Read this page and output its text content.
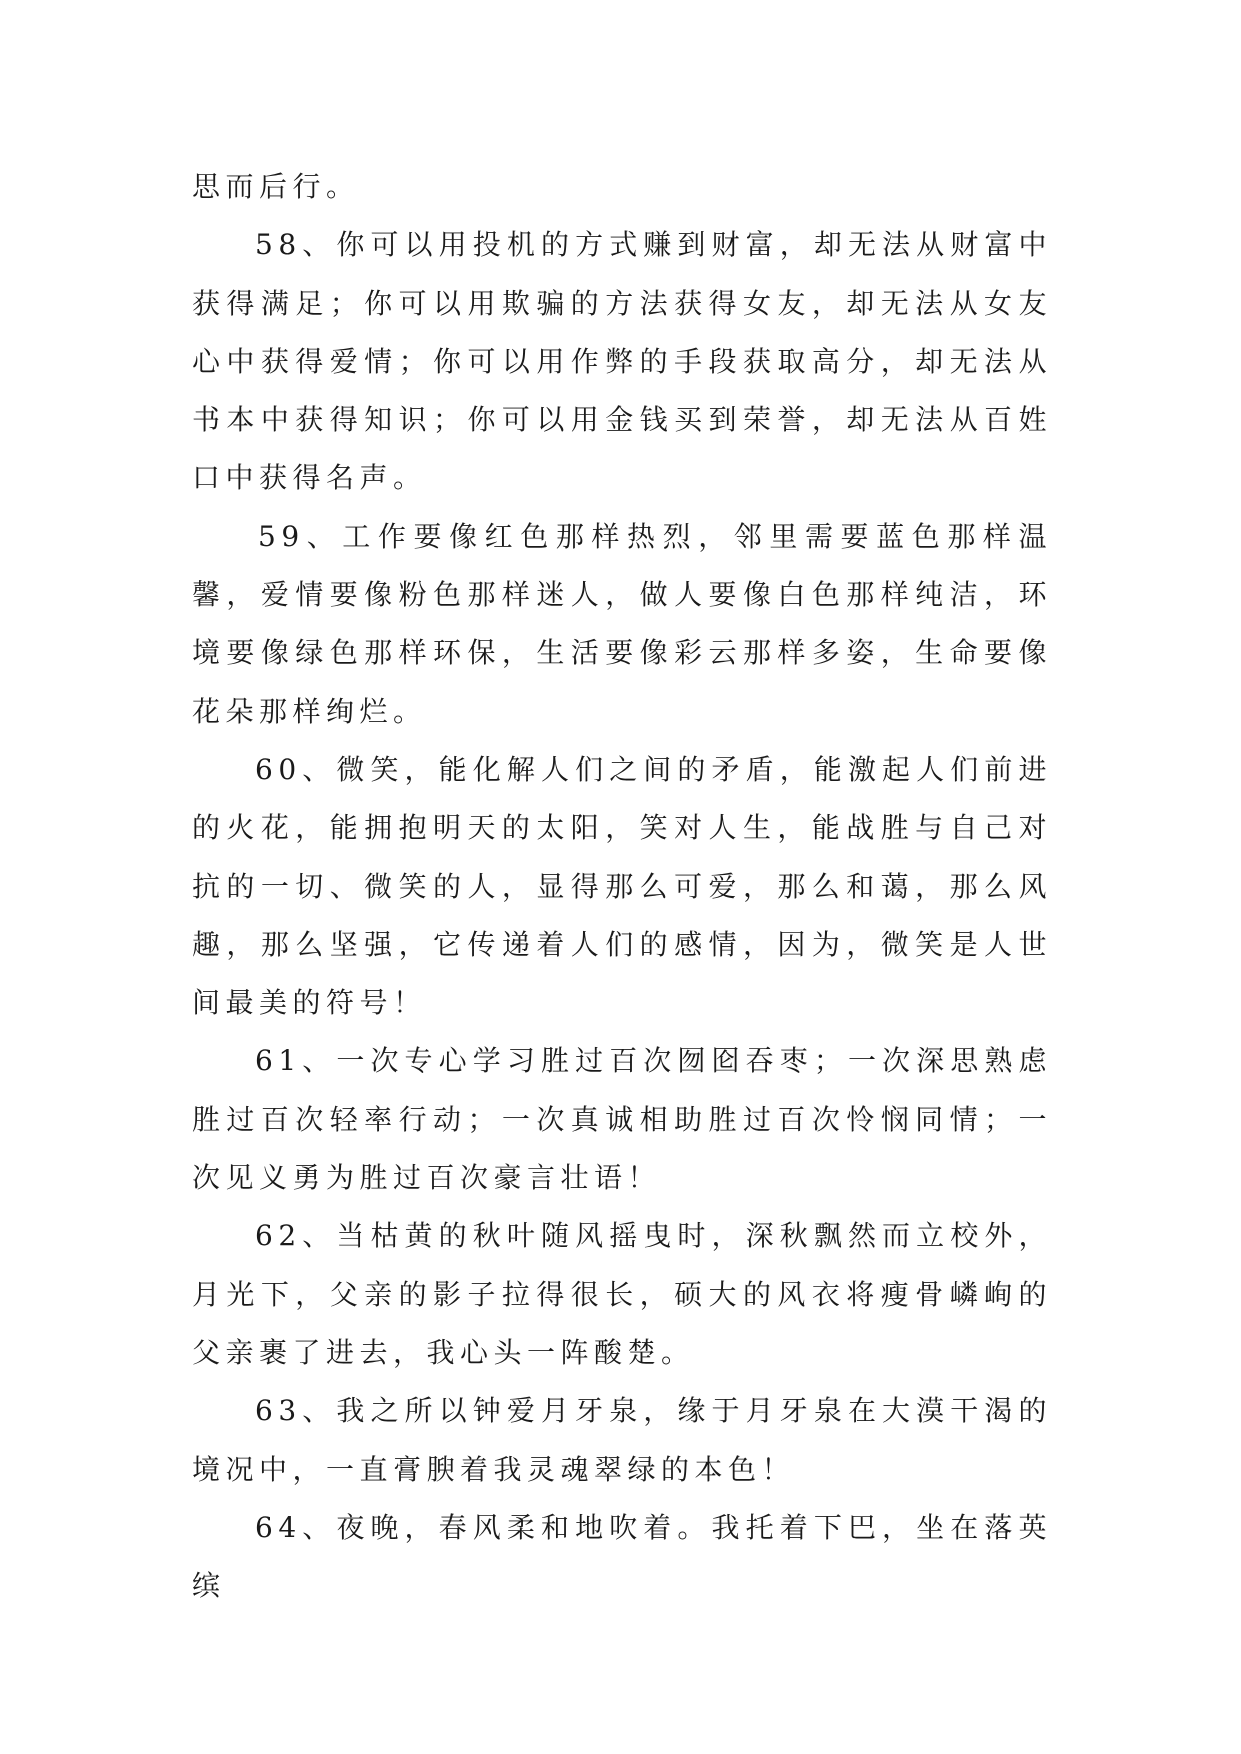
思而后行。

58、你可以用投机的方式赚到财富，却无法从财富中获得满足；你可以用欺骗的方法获得女友，却无法从女友心中获得爱情；你可以用作弊的手段获取高分，却无法从书本中获得知识；你可以用金钱买到荣誉，却无法从百姓口中获得名声。

59、工作要像红色那样热烈，邻里需要蓝色那样温馨，爱情要像粉色那样迷人，做人要像白色那样纯洁，环境要像绿色那样环保，生活要像彩云那样多姿，生命要像花朵那样绚烂。

60、微笑，能化解人们之间的矛盾，能激起人们前进的火花，能拥抱明天的太阳，笑对人生，能战胜与自己对抗的一切、微笑的人，显得那么可爱，那么和蔼，那么风趣，那么坚强，它传递着人们的感情，因为，微笑是人世间最美的符号！

61、一次专心学习胜过百次囫囵吞枣；一次深思熟虑胜过百次轻率行动；一次真诚相助胜过百次怜悯同情；一次见义勇为胜过百次豪言壮语！

62、当枯黄的秋叶随风摇曳时，深秋飘然而立校外，月光下，父亲的影子拉得很长，硕大的风衣将瘦骨嶙峋的父亲裹了进去，我心头一阵酸楚。

63、我之所以钟爱月牙泉，缘于月牙泉在大漠干渴的境况中，一直膏腴着我灵魂翠绿的本色！

64、夜晚，春风柔和地吹着。我托着下巴，坐在落英缤
